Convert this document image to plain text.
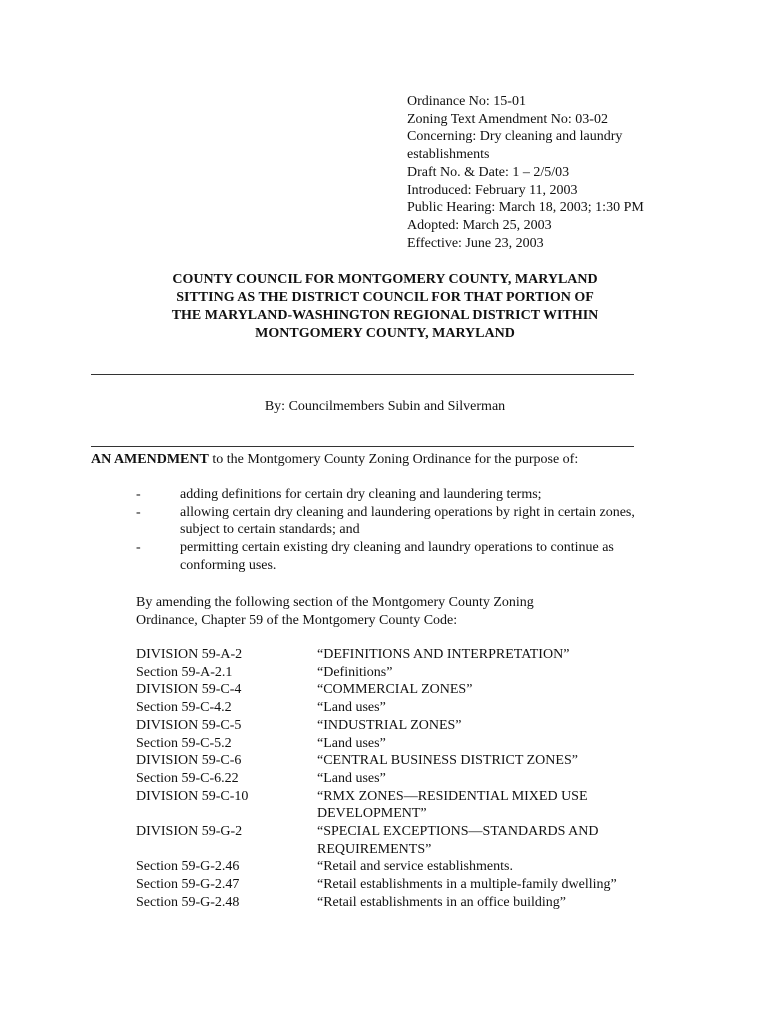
Ordinance No: 15-01
Zoning Text Amendment No: 03-02
Concerning: Dry cleaning and laundry
establishments
Draft No. & Date: 1 – 2/5/03
Introduced: February 11, 2003
Public Hearing: March 18, 2003; 1:30 PM
Adopted: March 25, 2003
Effective: June 23, 2003
COUNTY COUNCIL FOR MONTGOMERY COUNTY, MARYLAND
SITTING AS THE DISTRICT COUNCIL FOR THAT PORTION OF
THE MARYLAND-WASHINGTON REGIONAL DISTRICT WITHIN
MONTGOMERY COUNTY, MARYLAND
By: Councilmembers Subin and Silverman
AN AMENDMENT to the Montgomery County Zoning Ordinance for the purpose of:
-	adding definitions for certain dry cleaning and laundering terms;
-	allowing certain dry cleaning and laundering operations by right in certain zones, subject to certain standards; and
-	permitting certain existing dry cleaning and laundry operations to continue as conforming uses.
By amending the following section of the Montgomery County Zoning Ordinance, Chapter 59 of the Montgomery County Code:
DIVISION 59-A-2	“DEFINITIONS AND INTERPRETATION”
Section 59-A-2.1	“Definitions”
DIVISION 59-C-4	“COMMERCIAL ZONES”
Section 59-C-4.2	“Land uses”
DIVISION 59-C-5	“INDUSTRIAL ZONES”
Section 59-C-5.2	“Land uses”
DIVISION 59-C-6	“CENTRAL BUSINESS DISTRICT ZONES”
Section 59-C-6.22	“Land uses”
DIVISION 59-C-10	“RMX ZONES—RESIDENTIAL MIXED USE DEVELOPMENT”
DIVISION 59-G-2	“SPECIAL EXCEPTIONS—STANDARDS AND REQUIREMENTS”
Section 59-G-2.46	“Retail and service establishments.
Section 59-G-2.47	“Retail establishments in a multiple-family dwelling”
Section 59-G-2.48	“Retail establishments in an office building”
